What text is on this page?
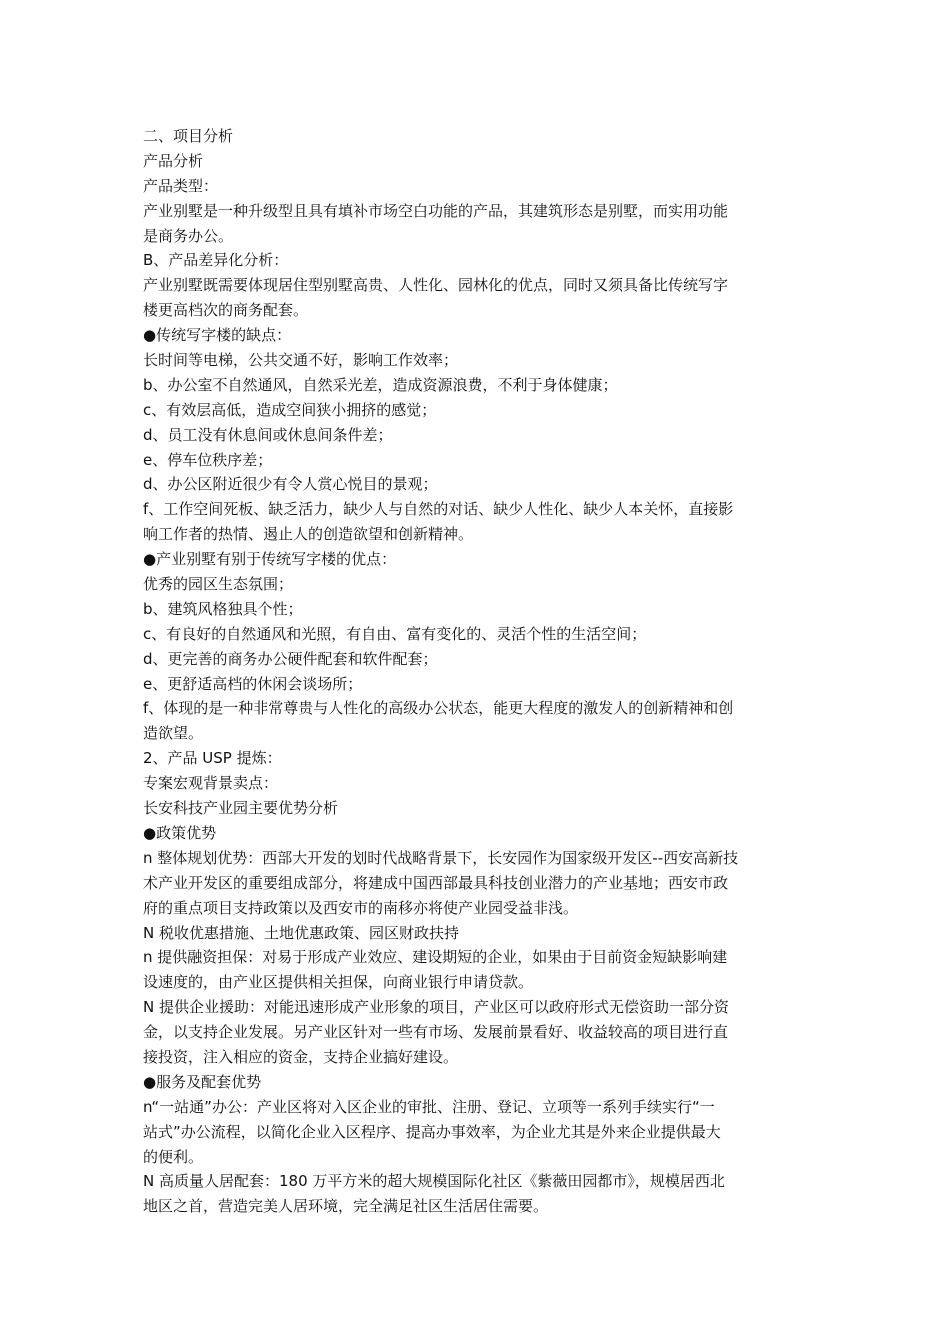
二、项目分析
产品分析
产品类型：
产业别墅是一种升级型且具有填补市场空白功能的产品，其建筑形态是别墅，而实用功能
是商务办公。
B、产品差异化分析：
产业别墅既需要体现居住型别墅高贵、人性化、园林化的优点，同时又须具备比传统写字
楼更高档次的商务配套。
●传统写字楼的缺点：
长时间等电梯，公共交通不好，影响工作效率；
b、办公室不自然通风，自然采光差，造成资源浪费，不利于身体健康；
c、有效层高低，造成空间狭小拥挤的感觉；
d、员工没有休息间或休息间条件差；
e、停车位秩序差；
d、办公区附近很少有令人赏心悦目的景观；
f、工作空间死板、缺乏活力，缺少人与自然的对话、缺少人性化、缺少人本关怀，直接影
响工作者的热情、遏止人的创造欲望和创新精神。
●产业别墅有别于传统写字楼的优点：
优秀的园区生态氛围；
b、建筑风格独具个性；
c、有良好的自然通风和光照，有自由、富有变化的、灵活个性的生活空间；
d、更完善的商务办公硬件配套和软件配套；
e、更舒适高档的休闲会谈场所；
f、体现的是一种非常尊贵与人性化的高级办公状态，能更大程度的激发人的创新精神和创
造欲望。
2、产品 USP 提炼：
专案宏观背景卖点：
长安科技产业园主要优势分析
●政策优势
n 整体规划优势：西部大开发的划时代战略背景下，长安园作为国家级开发区--西安高新技
术产业开发区的重要组成部分，将建成中国西部最具科技创业潜力的产业基地；西安市政
府的重点项目支持政策以及西安市的南移亦将使产业园受益非浅。
N 税收优惠措施、土地优惠政策、园区财政扶持
n 提供融资担保：对易于形成产业效应、建设期短的企业，如果由于目前资金短缺影响建
设速度的，由产业区提供相关担保，向商业银行申请贷款。
N 提供企业援助：对能迅速形成产业形象的项目，产业区可以政府形式无偿资助一部分资
金，以支持企业发展。另产业区针对一些有市场、发展前景看好、收益较高的项目进行直
接投资，注入相应的资金，支持企业搞好建设。
●服务及配套优势
n“一站通”办公：产业区将对入区企业的审批、注册、登记、立项等一系列手续实行“一
站式”办公流程，以简化企业入区程序、提高办事效率，为企业尤其是外来企业提供最大
的便利。
N 高质量人居配套：180 万平方米的超大规模国际化社区《紫薇田园都市》，规模居西北
地区之首，营造完美人居环境，完全满足社区生活居住需要。
